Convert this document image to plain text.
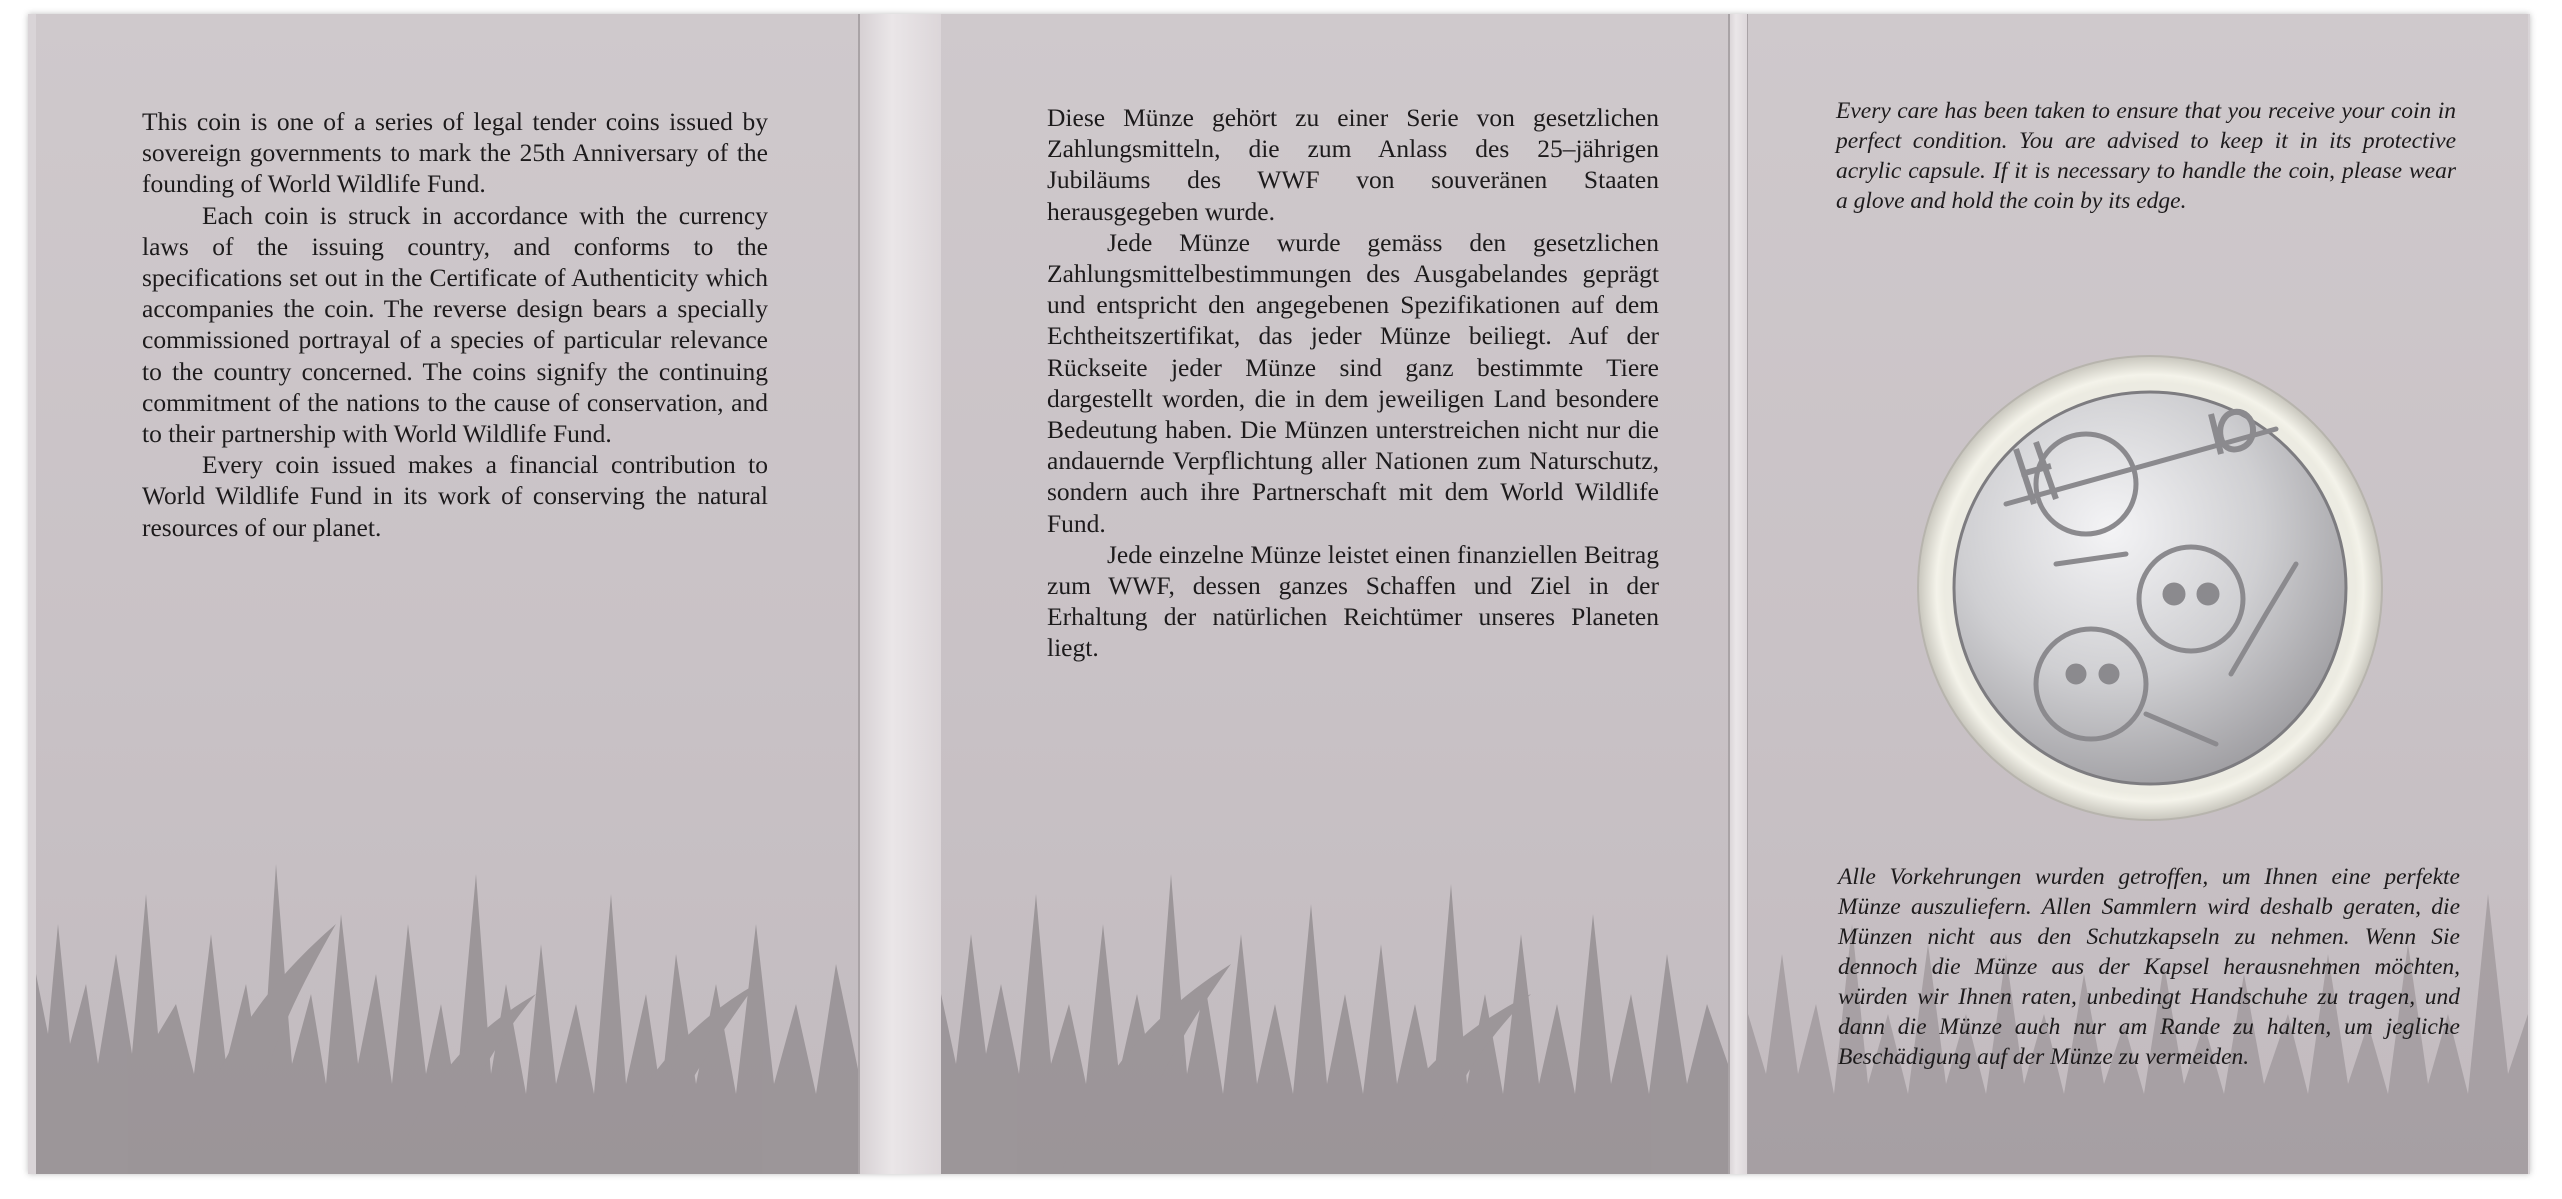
This coin is one of a series of legal tender coins issued by sovereign governments to mark the 25th Anniversary of the founding of World Wildlife Fund.

Each coin is struck in accordance with the currency laws of the issuing country, and conforms to the specifications set out in the Certificate of Authenticity which accompanies the coin. The reverse design bears a specially commissioned portrayal of a species of particular relevance to the country concerned. The coins signify the continuing commitment of the nations to the cause of conservation, and to their partnership with World Wildlife Fund.

Every coin issued makes a financial contribution to World Wildlife Fund in its work of conserving the natural resources of our planet.

Diese Münze gehört zu einer Serie von gesetzlichen Zahlungsmitteln, die zum Anlass des 25–jährigen Jubiläums des WWF von souveränen Staaten herausgegeben wurde.

Jede Münze wurde gemäss den gesetzlichen Zahlungsmittelbestimmungen des Ausgabelandes geprägt und entspricht den angegebenen Spezifikationen auf dem Echtheitszertifikat, das jeder Münze beiliegt. Auf der Rückseite jeder Münze sind ganz bestimmte Tiere dargestellt worden, die in dem jeweiligen Land besondere Bedeutung haben. Die Münzen unterstreichen nicht nur die andauernde Verpflichtung aller Nationen zum Naturschutz, sondern auch ihre Partnerschaft mit dem World Wildlife Fund.

Jede einzelne Münze leistet einen finanziellen Beitrag zum WWF, dessen ganzes Schaffen und Ziel in der Erhaltung der natürlichen Reichtümer unseres Planeten liegt.

Every care has been taken to ensure that you receive your coin in perfect condition. You are advised to keep it in its protective acrylic capsule. If it is necessary to handle the coin, please wear a glove and hold the coin by its edge.

Alle Vorkehrungen wurden getroffen, um Ihnen eine perfekte Münze auszuliefern. Allen Sammlern wird deshalb geraten, die Münzen nicht aus den Schutzkapseln zu nehmen. Wenn Sie dennoch die Münze aus der Kapsel herausnehmen möchten, würden wir Ihnen raten, unbedingt Handschuhe zu tragen, und dann die Münze auch nur am Rande zu halten, um jegliche Beschädigung auf der Münze zu vermeiden.
